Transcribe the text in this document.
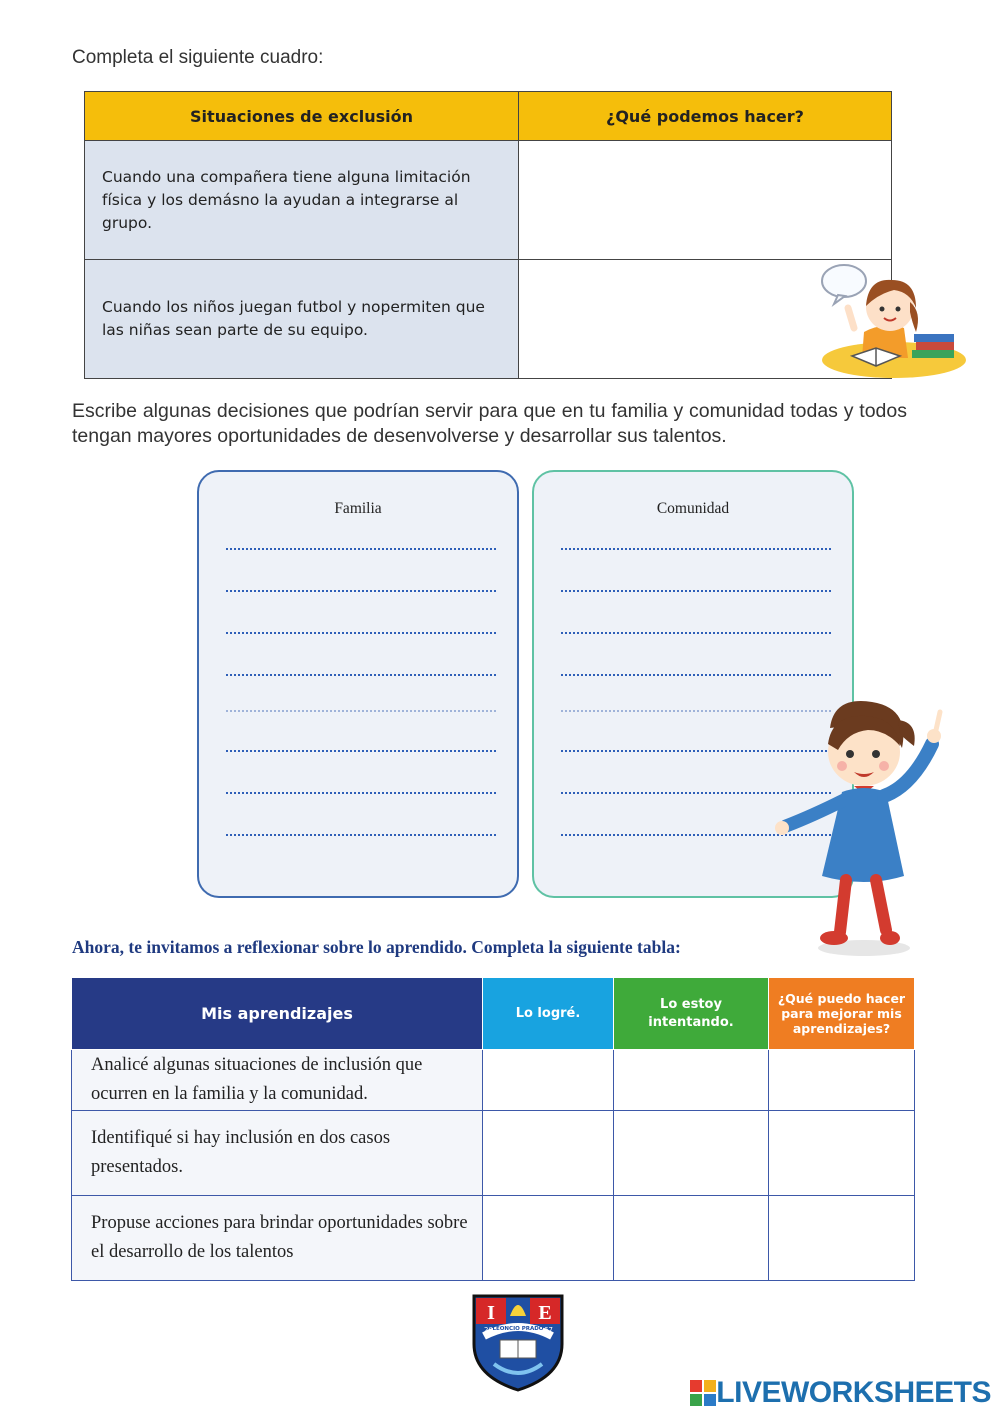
Completa el siguiente cuadro:
Situaciones de exclusión	¿Qué podemos hacer?
Cuando una compañera tiene alguna limitación física y los demásno la ayudan a integrarse al grupo.	
Cuando los niños juegan futbol y nopermiten que las niñas sean parte de su equipo.	
Escribe algunas decisiones que podrían servir para que en tu familia y comunidad todas y todos tengan mayores oportunidades de desenvolverse y desarrollar sus talentos.
Familia	Comunidad
Ahora, te invitamos a reflexionar sobre lo aprendido. Completa la siguiente tabla:
Mis aprendizajes	Lo logré.	Lo estoy intentando.	¿Qué puedo hacer para mejorar mis aprendizajes?
Analicé algunas situaciones de inclusión que ocurren en la familia y la comunidad.			
Identifiqué si hay inclusión en dos casos presentados.			
Propuse acciones para brindar oportunidades sobre el desarrollo de los talentos			
I E
LEONCIO PRADO
20	67
LIVEWORKSHEETS
